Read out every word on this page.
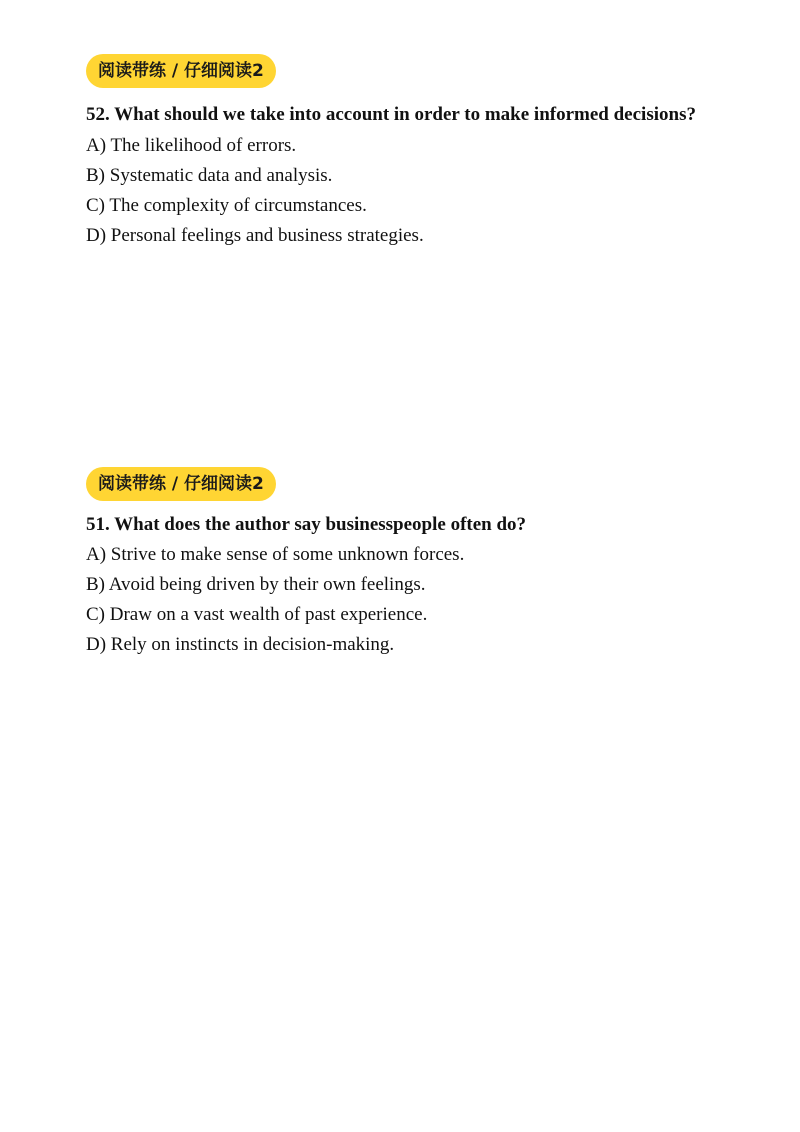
阅读带练 / 仔细阅读2

52. What should we take into account in order to make informed decisions?

A) The likelihood of errors.
B) Systematic data and analysis.
C) The complexity of circumstances.
D) Personal feelings and business strategies.
阅读带练 / 仔细阅读2

51. What does the author say businesspeople often do?

A) Strive to make sense of some unknown forces.
B) Avoid being driven by their own feelings.
C) Draw on a vast wealth of past experience.
D) Rely on instincts in decision-making.
